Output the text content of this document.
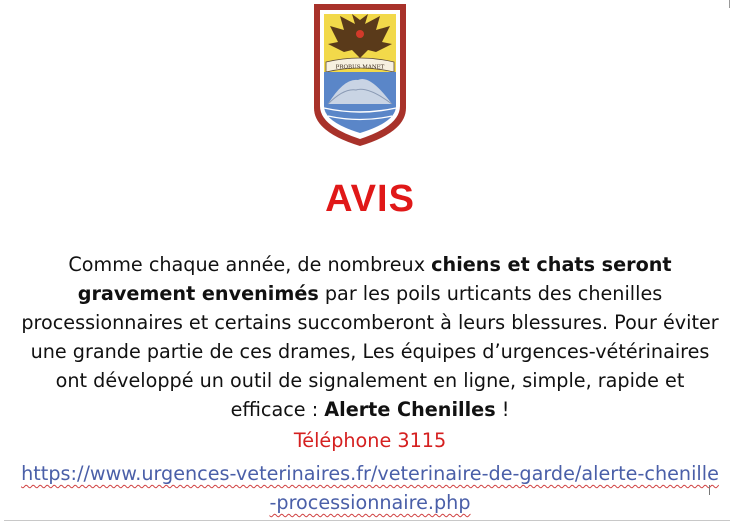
PROBUS MANET
AVIS
Comme chaque année, de nombreux chiens et chats seront gravement envenimés par les poils urticants des chenilles processionnaires et certains succomberont à leurs blessures. Pour éviter une grande partie de ces drames, Les équipes d’urgences-vétérinaires ont développé un outil de signalement en ligne, simple, rapide et efficace : Alerte Chenilles !
Téléphone 3115
https://www.urgences-veterinaires.fr/veterinaire-de-garde/alerte-chenille-processionnaire.php
